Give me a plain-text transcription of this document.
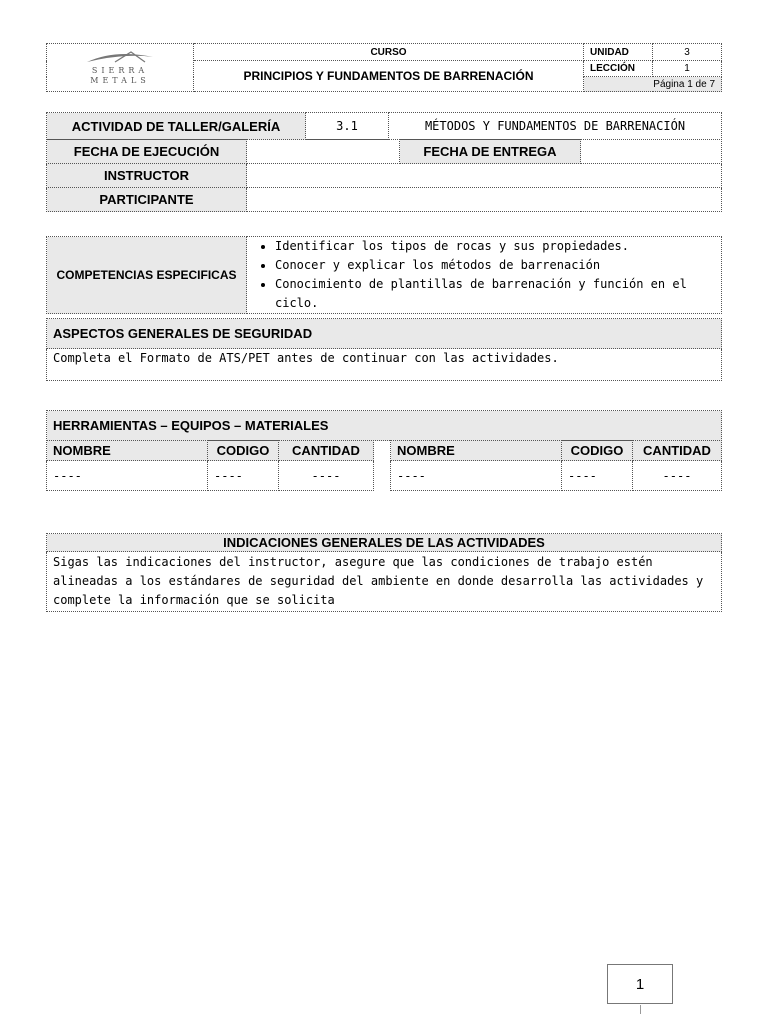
SIERRA
METALS	CURSO	UNIDAD	3
	PRINCIPIOS Y FUNDAMENTOS DE BARRENACIÓN	LECCIÓN	1
		Página 1 de 7	
ACTIVIDAD DE TALLER/GALERÍA	3.1	MÉTODOS Y FUNDAMENTOS DE BARRENACIÓN
FECHA DE EJECUCIÓN		FECHA DE ENTREGA	
INSTRUCTOR			
PARTICIPANTE			
COMPETENCIAS ESPECIFICAS	
• Identificar los tipos de rocas y sus propiedades.
• Conocer y explicar los métodos de barrenación
• Conocimiento de plantillas de barrenación y función en el ciclo.
ASPECTOS GENERALES DE SEGURIDAD
Completa el Formato de ATS/PET antes de continuar con las actividades.
HERRAMIENTAS – EQUIPOS – MATERIALES
NOMBRE	CODIGO	CANTIDAD
----	----	----
NOMBRE	CODIGO	CANTIDAD
----	----	----
INDICACIONES GENERALES DE LAS ACTIVIDADES
Sigas las indicaciones del instructor, asegure que las condiciones de trabajo estén alineadas a los estándares de seguridad del ambiente en donde desarrolla las actividades y complete la información que se solicita
1
